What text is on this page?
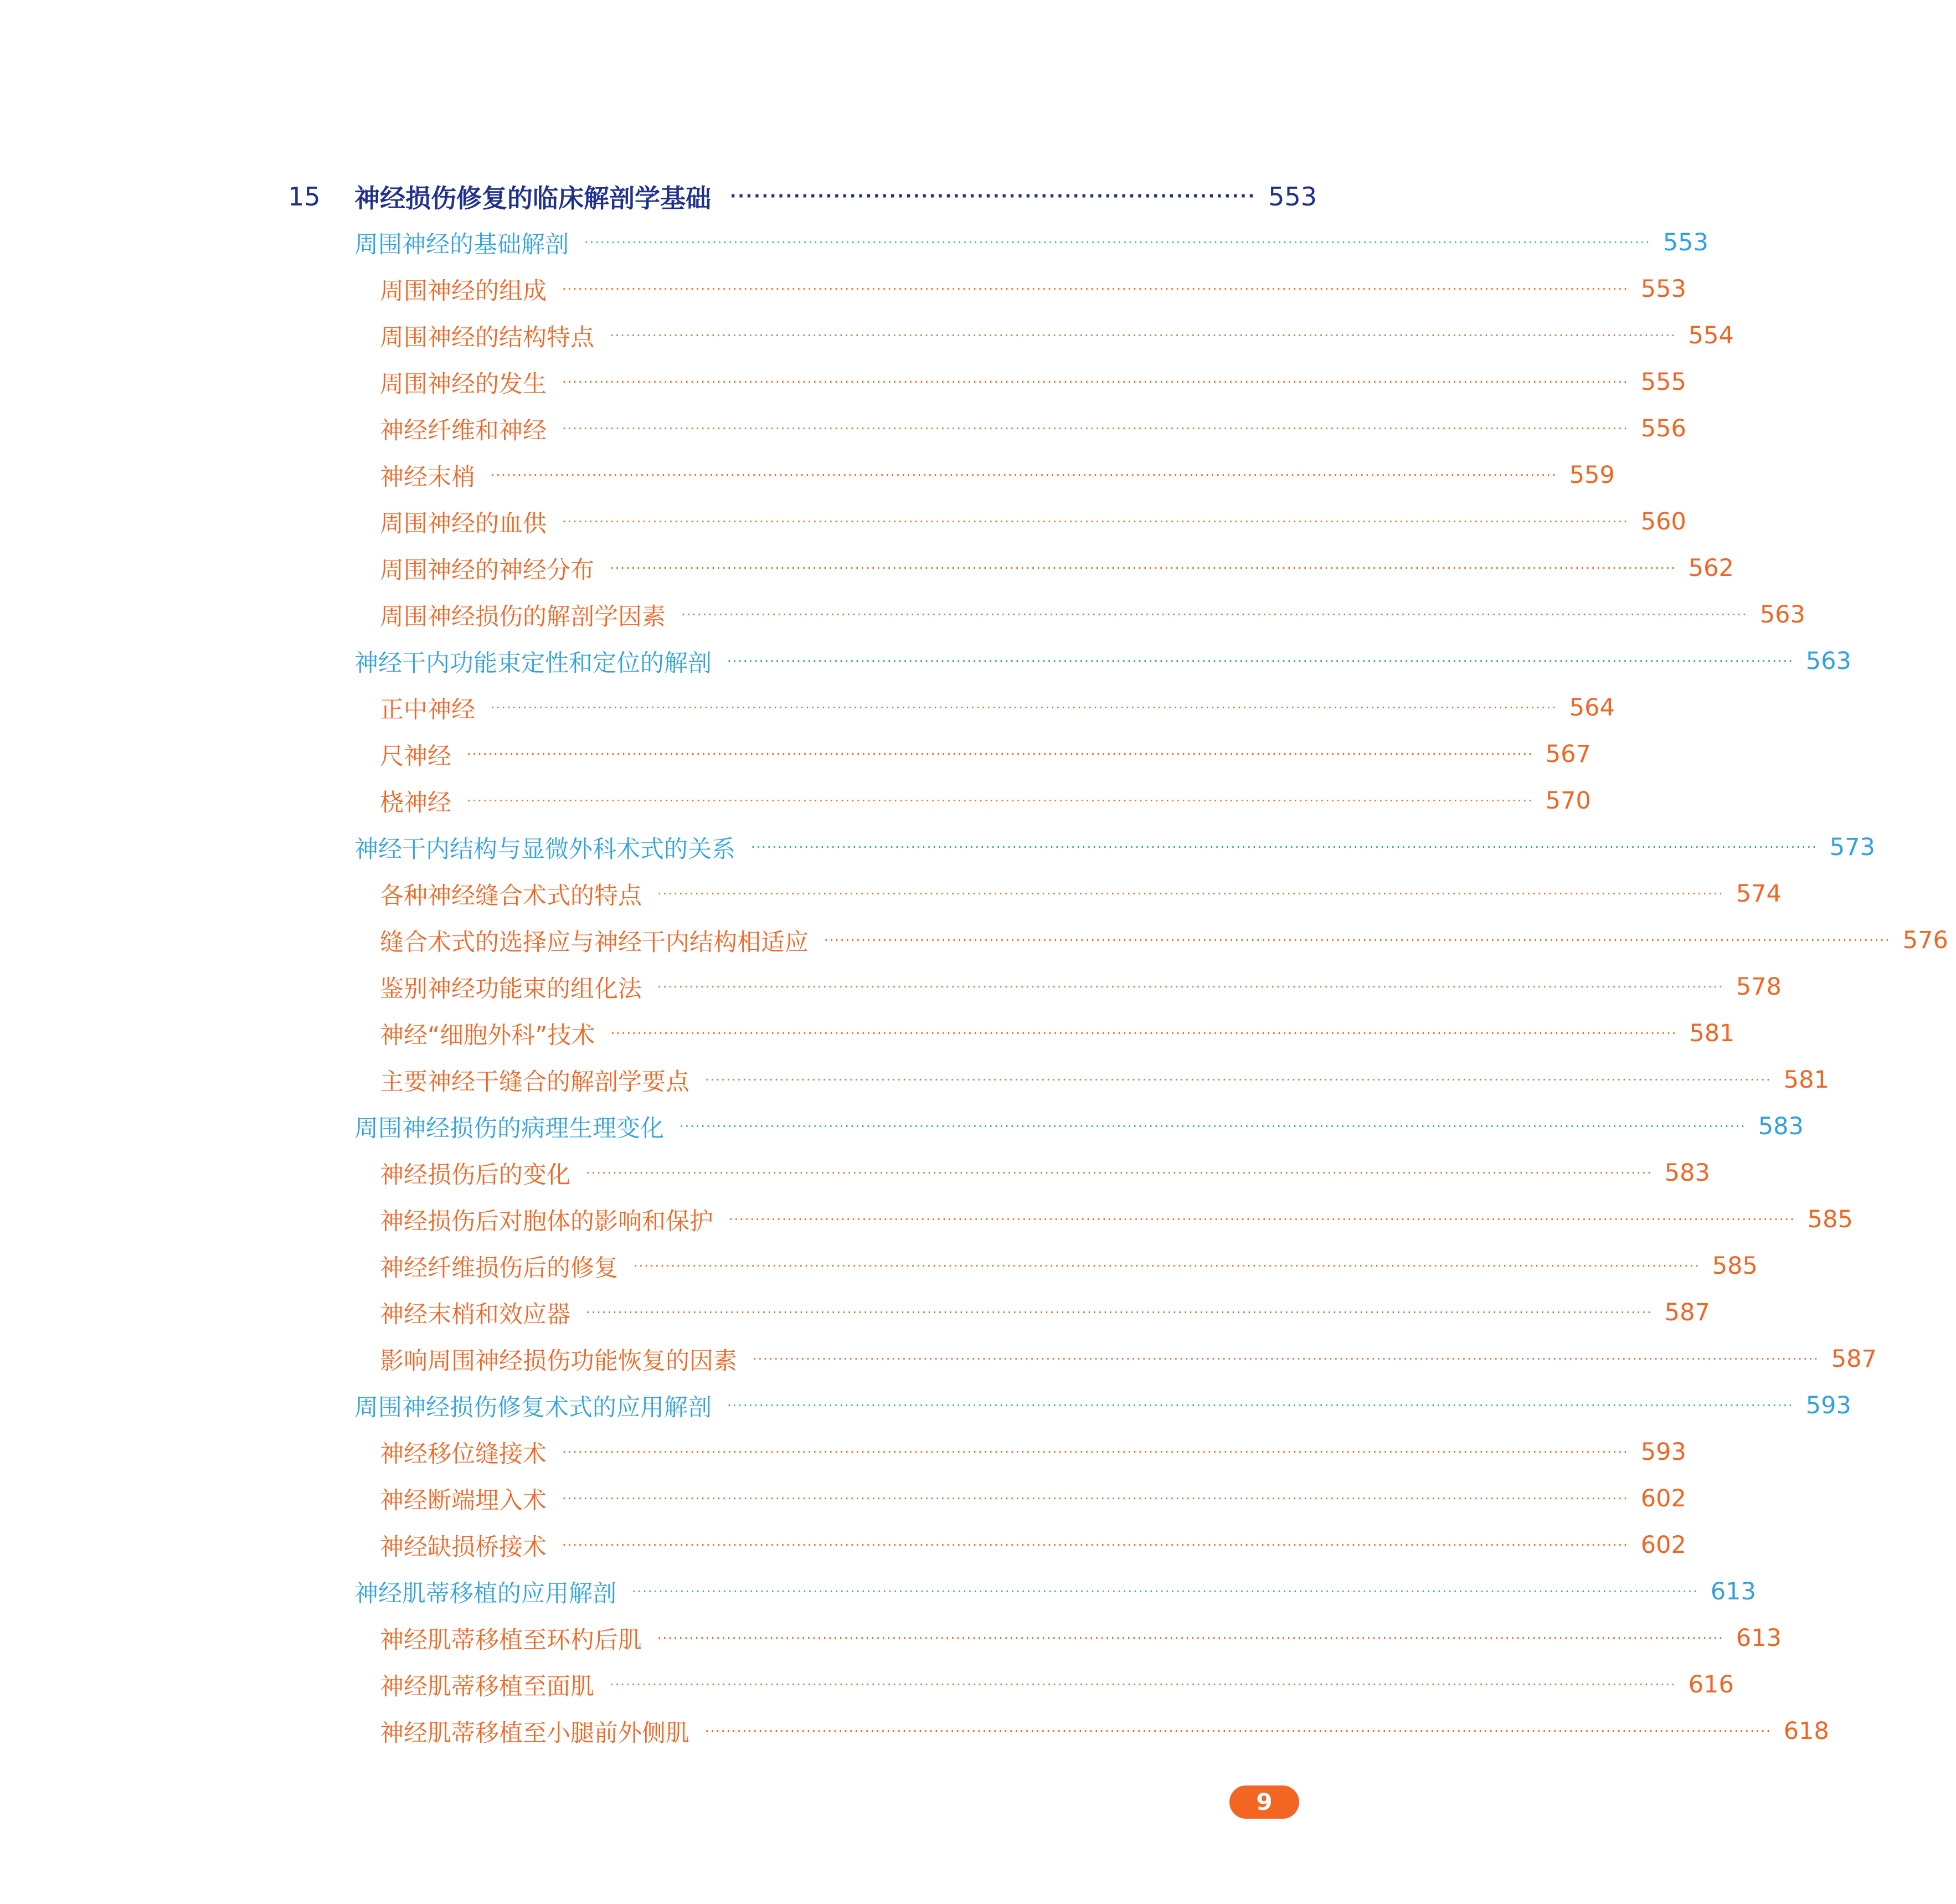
15	神经损伤修复的临床解剖学基础 ·································································· 553
周围神经的基础解剖 ········································································································································································································ 553
周围神经的组成 ········································································································································································································ 553
周围神经的结构特点 ········································································································································································································ 554
周围神经的发生 ········································································································································································································ 555
神经纤维和神经 ········································································································································································································ 556
神经末梢 ········································································································································································································ 559
周围神经的血供 ········································································································································································································ 560
周围神经的神经分布 ········································································································································································································ 562
周围神经损伤的解剖学因素 ········································································································································································································ 563
神经干内功能束定性和定位的解剖 ········································································································································································································ 563
正中神经 ········································································································································································································ 564
尺神经 ········································································································································································································ 567
桡神经 ········································································································································································································ 570
神经干内结构与显微外科术式的关系 ········································································································································································································ 573
各种神经缝合术式的特点 ········································································································································································································ 574
缝合术式的选择应与神经干内结构相适应 ········································································································································································································ 576
鉴别神经功能束的组化法 ········································································································································································································ 578
神经“细胞外科”技术 ········································································································································································································ 581
主要神经干缝合的解剖学要点 ········································································································································································································ 581
周围神经损伤的病理生理变化 ········································································································································································································ 583
神经损伤后的变化 ········································································································································································································ 583
神经损伤后对胞体的影响和保护 ········································································································································································································ 585
神经纤维损伤后的修复 ········································································································································································································ 585
神经末梢和效应器 ········································································································································································································ 587
影响周围神经损伤功能恢复的因素 ········································································································································································································ 587
周围神经损伤修复术式的应用解剖 ········································································································································································································ 593
神经移位缝接术 ········································································································································································································ 593
神经断端埋入术 ········································································································································································································ 602
神经缺损桥接术 ········································································································································································································ 602
神经肌蒂移植的应用解剖 ········································································································································································································ 613
神经肌蒂移植至环杓后肌 ········································································································································································································ 613
神经肌蒂移植至面肌 ········································································································································································································ 616
神经肌蒂移植至小腿前外侧肌 ········································································································································································································ 618
9
